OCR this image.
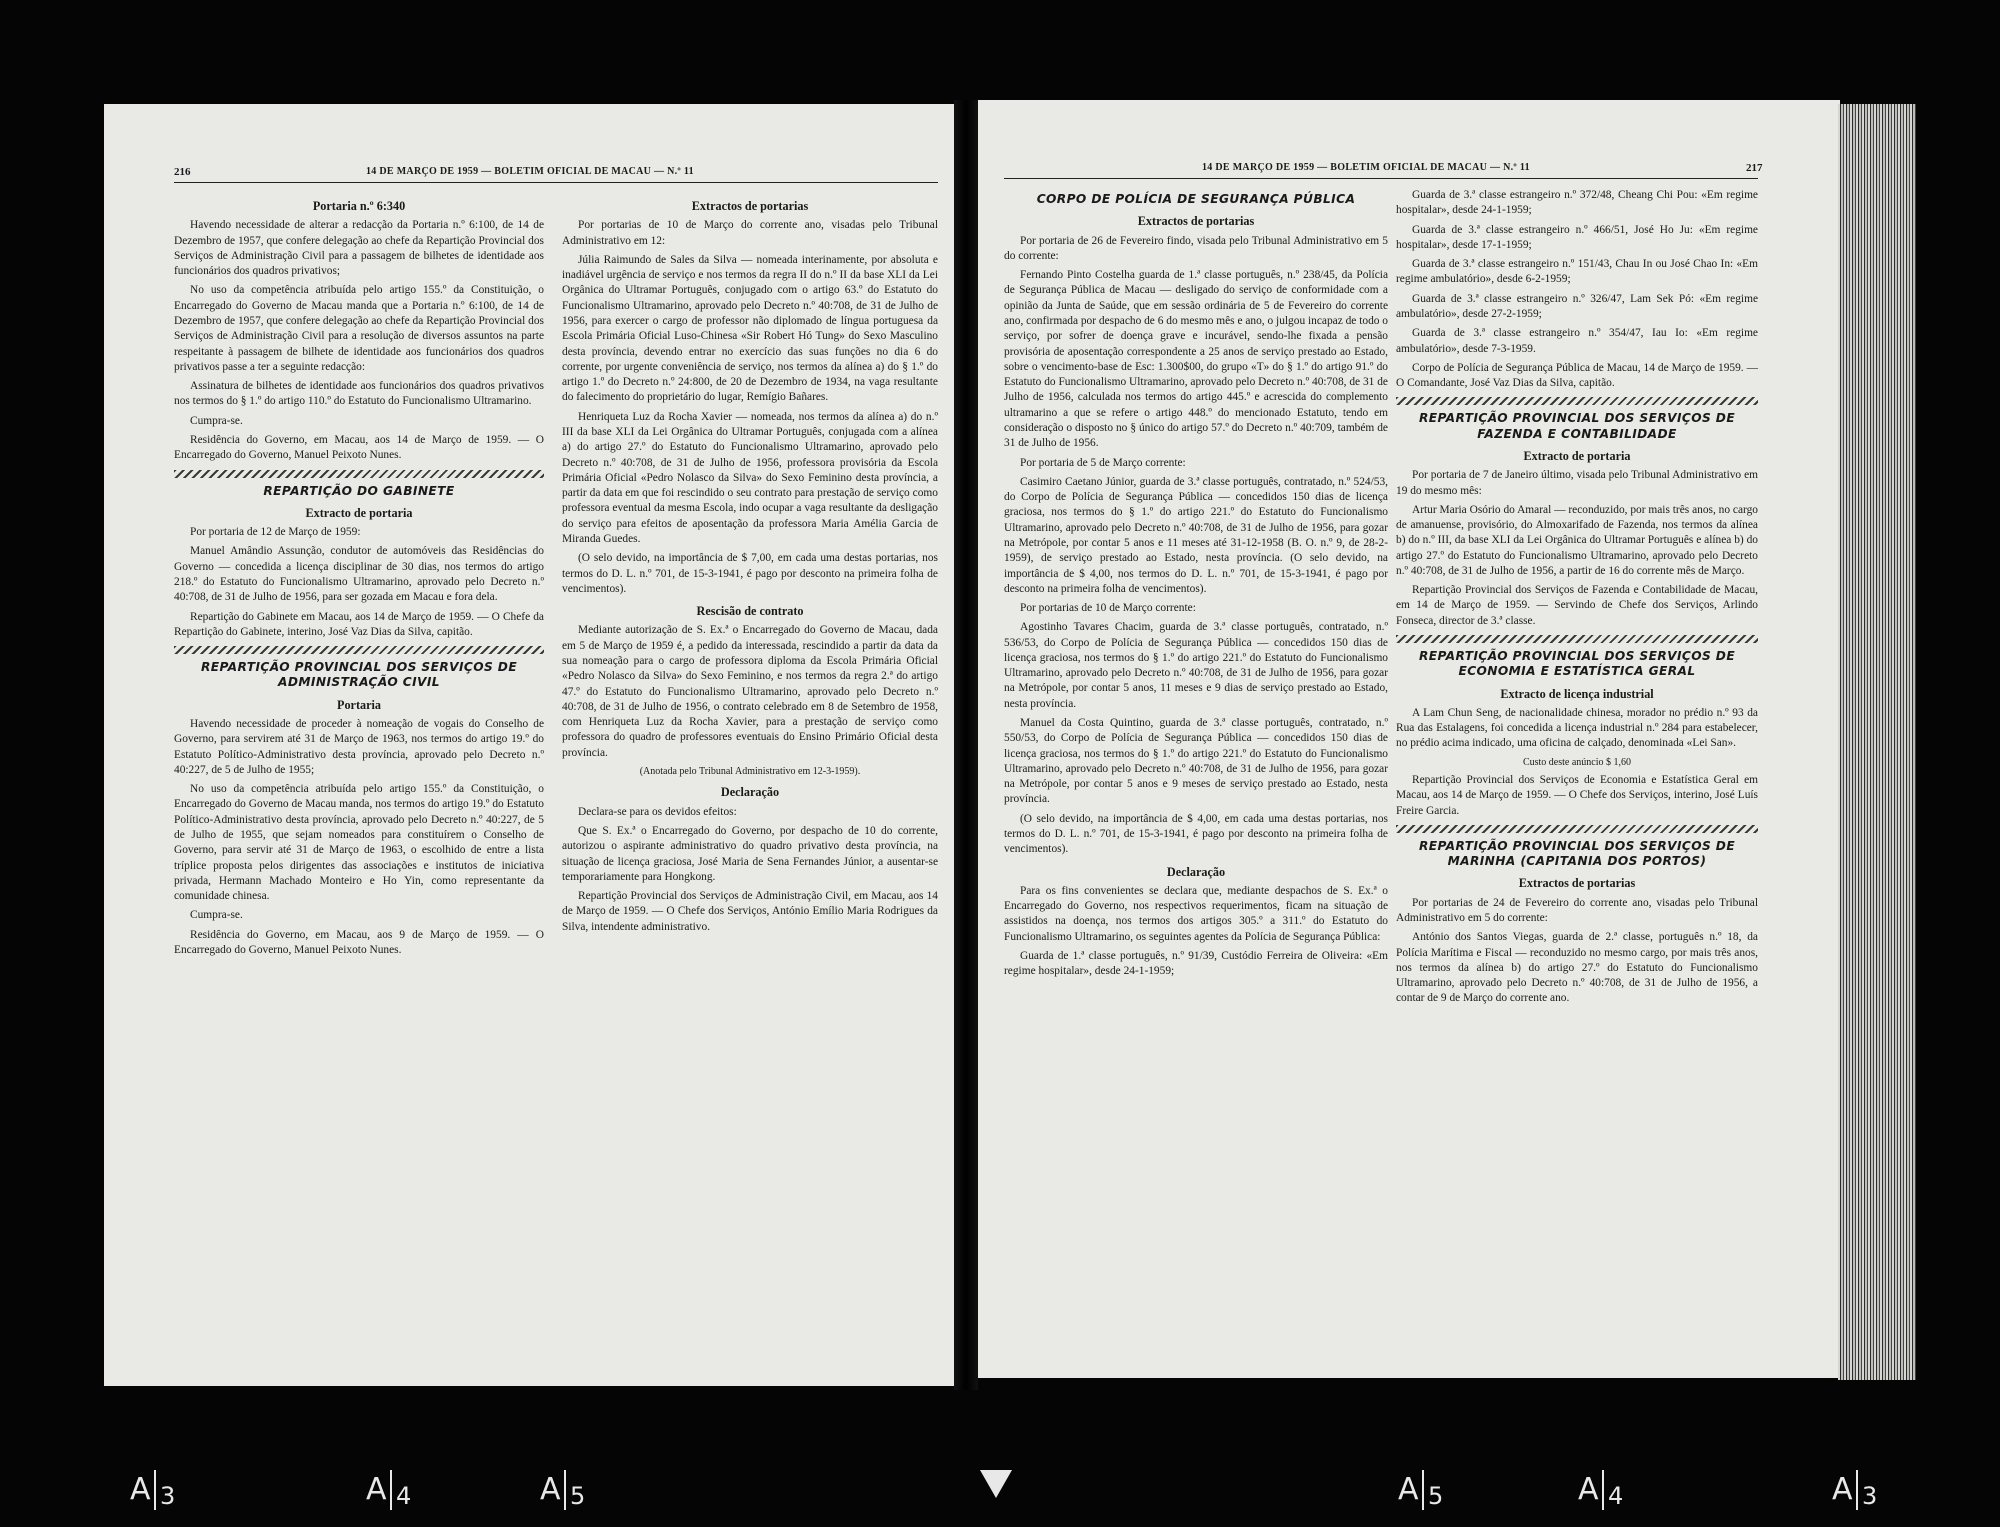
216	14 DE MARÇO DE 1959 — BOLETIM OFICIAL DE MACAU — N.º 11
Portaria n.º 6:340

Havendo necessidade de alterar a redacção da Portaria n.º 6:100, de 14 de Dezembro de 1957, que confere delegação ao chefe da Repartição Provincial dos Serviços de Administração Civil para a passagem de bilhetes de identidade aos funcionários dos quadros privativos;

No uso da competência atribuída pelo artigo 155.º da Constituição, o Encarregado do Governo de Macau manda que a Portaria n.º 6:100, de 14 de Dezembro de 1957, que confere delegação ao chefe da Repartição Provincial dos Serviços de Administração Civil para a resolução de diversos assuntos na parte respeitante à passagem de bilhete de identidade aos funcionários dos quadros privativos passe a ter a seguinte redacção:

Assinatura de bilhetes de identidade aos funcionários dos quadros privativos nos termos do § 1.º do artigo 110.º do Estatuto do Funcionalismo Ultramarino.

Cumpra-se.

Residência do Governo, em Macau, aos 14 de Março de 1959. — O Encarregado do Governo, Manuel Peixoto Nunes.

REPARTIÇÃO DO GABINETE
Extracto de portaria

Por portaria de 12 de Março de 1959:

Manuel Amândio Assunção, condutor de automóveis das Residências do Governo — concedida a licença disciplinar de 30 dias, nos termos do artigo 218.º do Estatuto do Funcionalismo Ultramarino, aprovado pelo Decreto n.º 40:708, de 31 de Julho de 1956, para ser gozada em Macau e fora dela.

Repartição do Gabinete em Macau, aos 14 de Março de 1959. — O Chefe da Repartição do Gabinete, interino, José Vaz Dias da Silva, capitão.

REPARTIÇÃO PROVINCIAL DOS SERVIÇOS DE ADMINISTRAÇÃO CIVIL
Portaria

Havendo necessidade de proceder à nomeação de vogais do Conselho de Governo, para servirem até 31 de Março de 1963, nos termos do artigo 19.º do Estatuto Político-Administrativo desta província, aprovado pelo Decreto n.º 40:227, de 5 de Julho de 1955;

No uso da competência atribuída pelo artigo 155.º da Constituição, o Encarregado do Governo de Macau manda, nos termos do artigo 19.º do Estatuto Político-Administrativo desta província, aprovado pelo Decreto n.º 40:227, de 5 de Julho de 1955, que sejam nomeados para constituírem o Conselho de Governo, para servir até 31 de Março de 1963, o escolhido de entre a lista tríplice proposta pelos dirigentes das associações e institutos de iniciativa privada, Hermann Machado Monteiro e Ho Yin, como representante da comunidade chinesa.

Cumpra-se.

Residência do Governo, em Macau, aos 9 de Março de 1959. — O Encarregado do Governo, Manuel Peixoto Nunes.

Extractos de portarias

Por portarias de 10 de Março do corrente ano, visadas pelo Tribunal Administrativo em 12:

Júlia Raimundo de Sales da Silva — nomeada interinamente, por absoluta e inadiável urgência de serviço e nos termos da regra II do n.º II da base XLI da Lei Orgânica do Ultramar Português, conjugado com o artigo 63.º do Estatuto do Funcionalismo Ultramarino, aprovado pelo Decreto n.º 40:708, de 31 de Julho de 1956, para exercer o cargo de professor não diplomado de língua portuguesa da Escola Primária Oficial Luso-Chinesa «Sir Robert Hó Tung» do Sexo Masculino desta província, devendo entrar no exercício das suas funções no dia 6 do corrente, por urgente conveniência de serviço, nos termos da alínea a) do § 1.º do artigo 1.º do Decreto n.º 24:800, de 20 de Dezembro de 1934, na vaga resultante do falecimento do proprietário do lugar, Remígio Bañares.

Henriqueta Luz da Rocha Xavier — nomeada, nos termos da alínea a) do n.º III da base XLI da Lei Orgânica do Ultramar Português, conjugada com a alínea a) do artigo 27.º do Estatuto do Funcionalismo Ultramarino, aprovado pelo Decreto n.º 40:708, de 31 de Julho de 1956, professora provisória da Escola Primária Oficial «Pedro Nolasco da Silva» do Sexo Feminino desta província, a partir da data em que foi rescindido o seu contrato para prestação de serviço como professora eventual da mesma Escola, indo ocupar a vaga resultante da desligação do serviço para efeitos de aposentação da professora Maria Amélia Garcia de Miranda Guedes.

(O selo devido, na importância de $ 7,00, em cada uma destas portarias, nos termos do D. L. n.º 701, de 15-3-1941, é pago por desconto na primeira folha de vencimentos).

Rescisão de contrato

Mediante autorização de S. Ex.ª o Encarregado do Governo de Macau, dada em 5 de Março de 1959 é, a pedido da interessada, rescindido a partir da data da sua nomeação para o cargo de professora diploma da Escola Primária Oficial «Pedro Nolasco da Silva» do Sexo Feminino, e nos termos da regra 2.ª do artigo 47.º do Estatuto do Funcionalismo Ultramarino, aprovado pelo Decreto n.º 40:708, de 31 de Julho de 1956, o contrato celebrado em 8 de Setembro de 1958, com Henriqueta Luz da Rocha Xavier, para a prestação de serviço como professora do quadro de professores eventuais do Ensino Primário Oficial desta província.

(Anotada pelo Tribunal Administrativo em 12-3-1959).

Declaração

Declara-se para os devidos efeitos:

Que S. Ex.ª o Encarregado do Governo, por despacho de 10 do corrente, autorizou o aspirante administrativo do quadro privativo desta província, na situação de licença graciosa, José Maria de Sena Fernandes Júnior, a ausentar-se temporariamente para Hongkong.

Repartição Provincial dos Serviços de Administração Civil, em Macau, aos 14 de Março de 1959. — O Chefe dos Serviços, António Emílio Maria Rodrigues da Silva, intendente administrativo.

14 DE MARÇO DE 1959 — BOLETIM OFICIAL DE MACAU — N.º 11	217
CORPO DE POLÍCIA DE SEGURANÇA PÚBLICA
Extractos de portarias

Por portaria de 26 de Fevereiro findo, visada pelo Tribunal Administrativo em 5 do corrente:

Fernando Pinto Costelha guarda de 1.ª classe português, n.º 238/45, da Polícia de Segurança Pública de Macau — desligado do serviço de conformidade com a opinião da Junta de Saúde, que em sessão ordinária de 5 de Fevereiro do corrente ano, confirmada por despacho de 6 do mesmo mês e ano, o julgou incapaz de todo o serviço, por sofrer de doença grave e incurável, sendo-lhe fixada a pensão provisória de aposentação correspondente a 25 anos de serviço prestado ao Estado, sobre o vencimento-base de Esc: 1.300$00, do grupo «T» do § 1.º do artigo 91.º do Estatuto do Funcionalismo Ultramarino, aprovado pelo Decreto n.º 40:708, de 31 de Julho de 1956, calculada nos termos do artigo 445.º e acrescida do complemento ultramarino a que se refere o artigo 448.º do mencionado Estatuto, tendo em consideração o disposto no § único do artigo 57.º do Decreto n.º 40:709, também de 31 de Julho de 1956.

Por portaria de 5 de Março corrente:

Casimiro Caetano Júnior, guarda de 3.ª classe português, contratado, n.º 524/53, do Corpo de Polícia de Segurança Pública — concedidos 150 dias de licença graciosa, nos termos do § 1.º do artigo 221.º do Estatuto do Funcionalismo Ultramarino, aprovado pelo Decreto n.º 40:708, de 31 de Julho de 1956, para gozar na Metrópole, por contar 5 anos e 11 meses até 31-12-1958 (B. O. n.º 9, de 28-2-1959), de serviço prestado ao Estado, nesta província. (O selo devido, na importância de $ 4,00, nos termos do D. L. n.º 701, de 15-3-1941, é pago por desconto na primeira folha de vencimentos).

Por portarias de 10 de Março corrente:

Agostinho Tavares Chacim, guarda de 3.ª classe português, contratado, n.º 536/53, do Corpo de Polícia de Segurança Pública — concedidos 150 dias de licença graciosa, nos termos do § 1.º do artigo 221.º do Estatuto do Funcionalismo Ultramarino, aprovado pelo Decreto n.º 40:708, de 31 de Julho de 1956, para gozar na Metrópole, por contar 5 anos, 11 meses e 9 dias de serviço prestado ao Estado, nesta província.

Manuel da Costa Quintino, guarda de 3.ª classe português, contratado, n.º 550/53, do Corpo de Polícia de Segurança Pública — concedidos 150 dias de licença graciosa, nos termos do § 1.º do artigo 221.º do Estatuto do Funcionalismo Ultramarino, aprovado pelo Decreto n.º 40:708, de 31 de Julho de 1956, para gozar na Metrópole, por contar 5 anos e 9 meses de serviço prestado ao Estado, nesta província.

(O selo devido, na importância de $ 4,00, em cada uma destas portarias, nos termos do D. L. n.º 701, de 15-3-1941, é pago por desconto na primeira folha de vencimentos).

Declaração

Para os fins convenientes se declara que, mediante despachos de S. Ex.ª o Encarregado do Governo, nos respectivos requerimentos, ficam na situação de assistidos na doença, nos termos dos artigos 305.º a 311.º do Estatuto do Funcionalismo Ultramarino, os seguintes agentes da Polícia de Segurança Pública:

Guarda de 1.ª classe português, n.º 91/39, Custódio Ferreira de Oliveira: «Em regime hospitalar», desde 24-1-1959;

Guarda de 3.ª classe estrangeiro n.º 372/48, Cheang Chi Pou: «Em regime hospitalar», desde 24-1-1959;

Guarda de 3.ª classe estrangeiro n.º 466/51, José Ho Ju: «Em regime hospitalar», desde 17-1-1959;

Guarda de 3.ª classe estrangeiro n.º 151/43, Chau In ou José Chao In: «Em regime ambulatório», desde 6-2-1959;

Guarda de 3.ª classe estrangeiro n.º 326/47, Lam Sek Pó: «Em regime ambulatório», desde 27-2-1959;

Guarda de 3.ª classe estrangeiro n.º 354/47, Iau Io: «Em regime ambulatório», desde 7-3-1959.

Corpo de Polícia de Segurança Pública de Macau, 14 de Março de 1959. — O Comandante, José Vaz Dias da Silva, capitão.

REPARTIÇÃO PROVINCIAL DOS SERVIÇOS DE FAZENDA E CONTABILIDADE
Extracto de portaria

Por portaria de 7 de Janeiro último, visada pelo Tribunal Administrativo em 19 do mesmo mês:

Artur Maria Osório do Amaral — reconduzido, por mais três anos, no cargo de amanuense, provisório, do Almoxarifado de Fazenda, nos termos da alínea b) do n.º III, da base XLI da Lei Orgânica do Ultramar Português e alínea b) do artigo 27.º do Estatuto do Funcionalismo Ultramarino, aprovado pelo Decreto n.º 40:708, de 31 de Julho de 1956, a partir de 16 do corrente mês de Março.

Repartição Provincial dos Serviços de Fazenda e Contabilidade de Macau, em 14 de Março de 1959. — Servindo de Chefe dos Serviços, Arlindo Fonseca, director de 3.ª classe.

REPARTIÇÃO PROVINCIAL DOS SERVIÇOS DE ECONOMIA E ESTATÍSTICA GERAL
Extracto de licença industrial

A Lam Chun Seng, de nacionalidade chinesa, morador no prédio n.º 93 da Rua das Estalagens, foi concedida a licença industrial n.º 284 para estabelecer, no prédio acima indicado, uma oficina de calçado, denominada «Lei San».

Custo deste anúncio $ 1,60

Repartição Provincial dos Serviços de Economia e Estatística Geral em Macau, aos 14 de Março de 1959. — O Chefe dos Serviços, interino, José Luís Freire Garcia.

REPARTIÇÃO PROVINCIAL DOS SERVIÇOS DE MARINHA (CAPITANIA DOS PORTOS)
Extractos de portarias

Por portarias de 24 de Fevereiro do corrente ano, visadas pelo Tribunal Administrativo em 5 do corrente:

António dos Santos Viegas, guarda de 2.ª classe, português n.º 18, da Polícia Marítima e Fiscal — reconduzido no mesmo cargo, por mais três anos, nos termos da alínea b) do artigo 27.º do Estatuto do Funcionalismo Ultramarino, aprovado pelo Decreto n.º 40:708, de 31 de Julho de 1956, a contar de 9 de Março do corrente ano.

A 3	A 4	A 5	A 5	A 4	A 3
